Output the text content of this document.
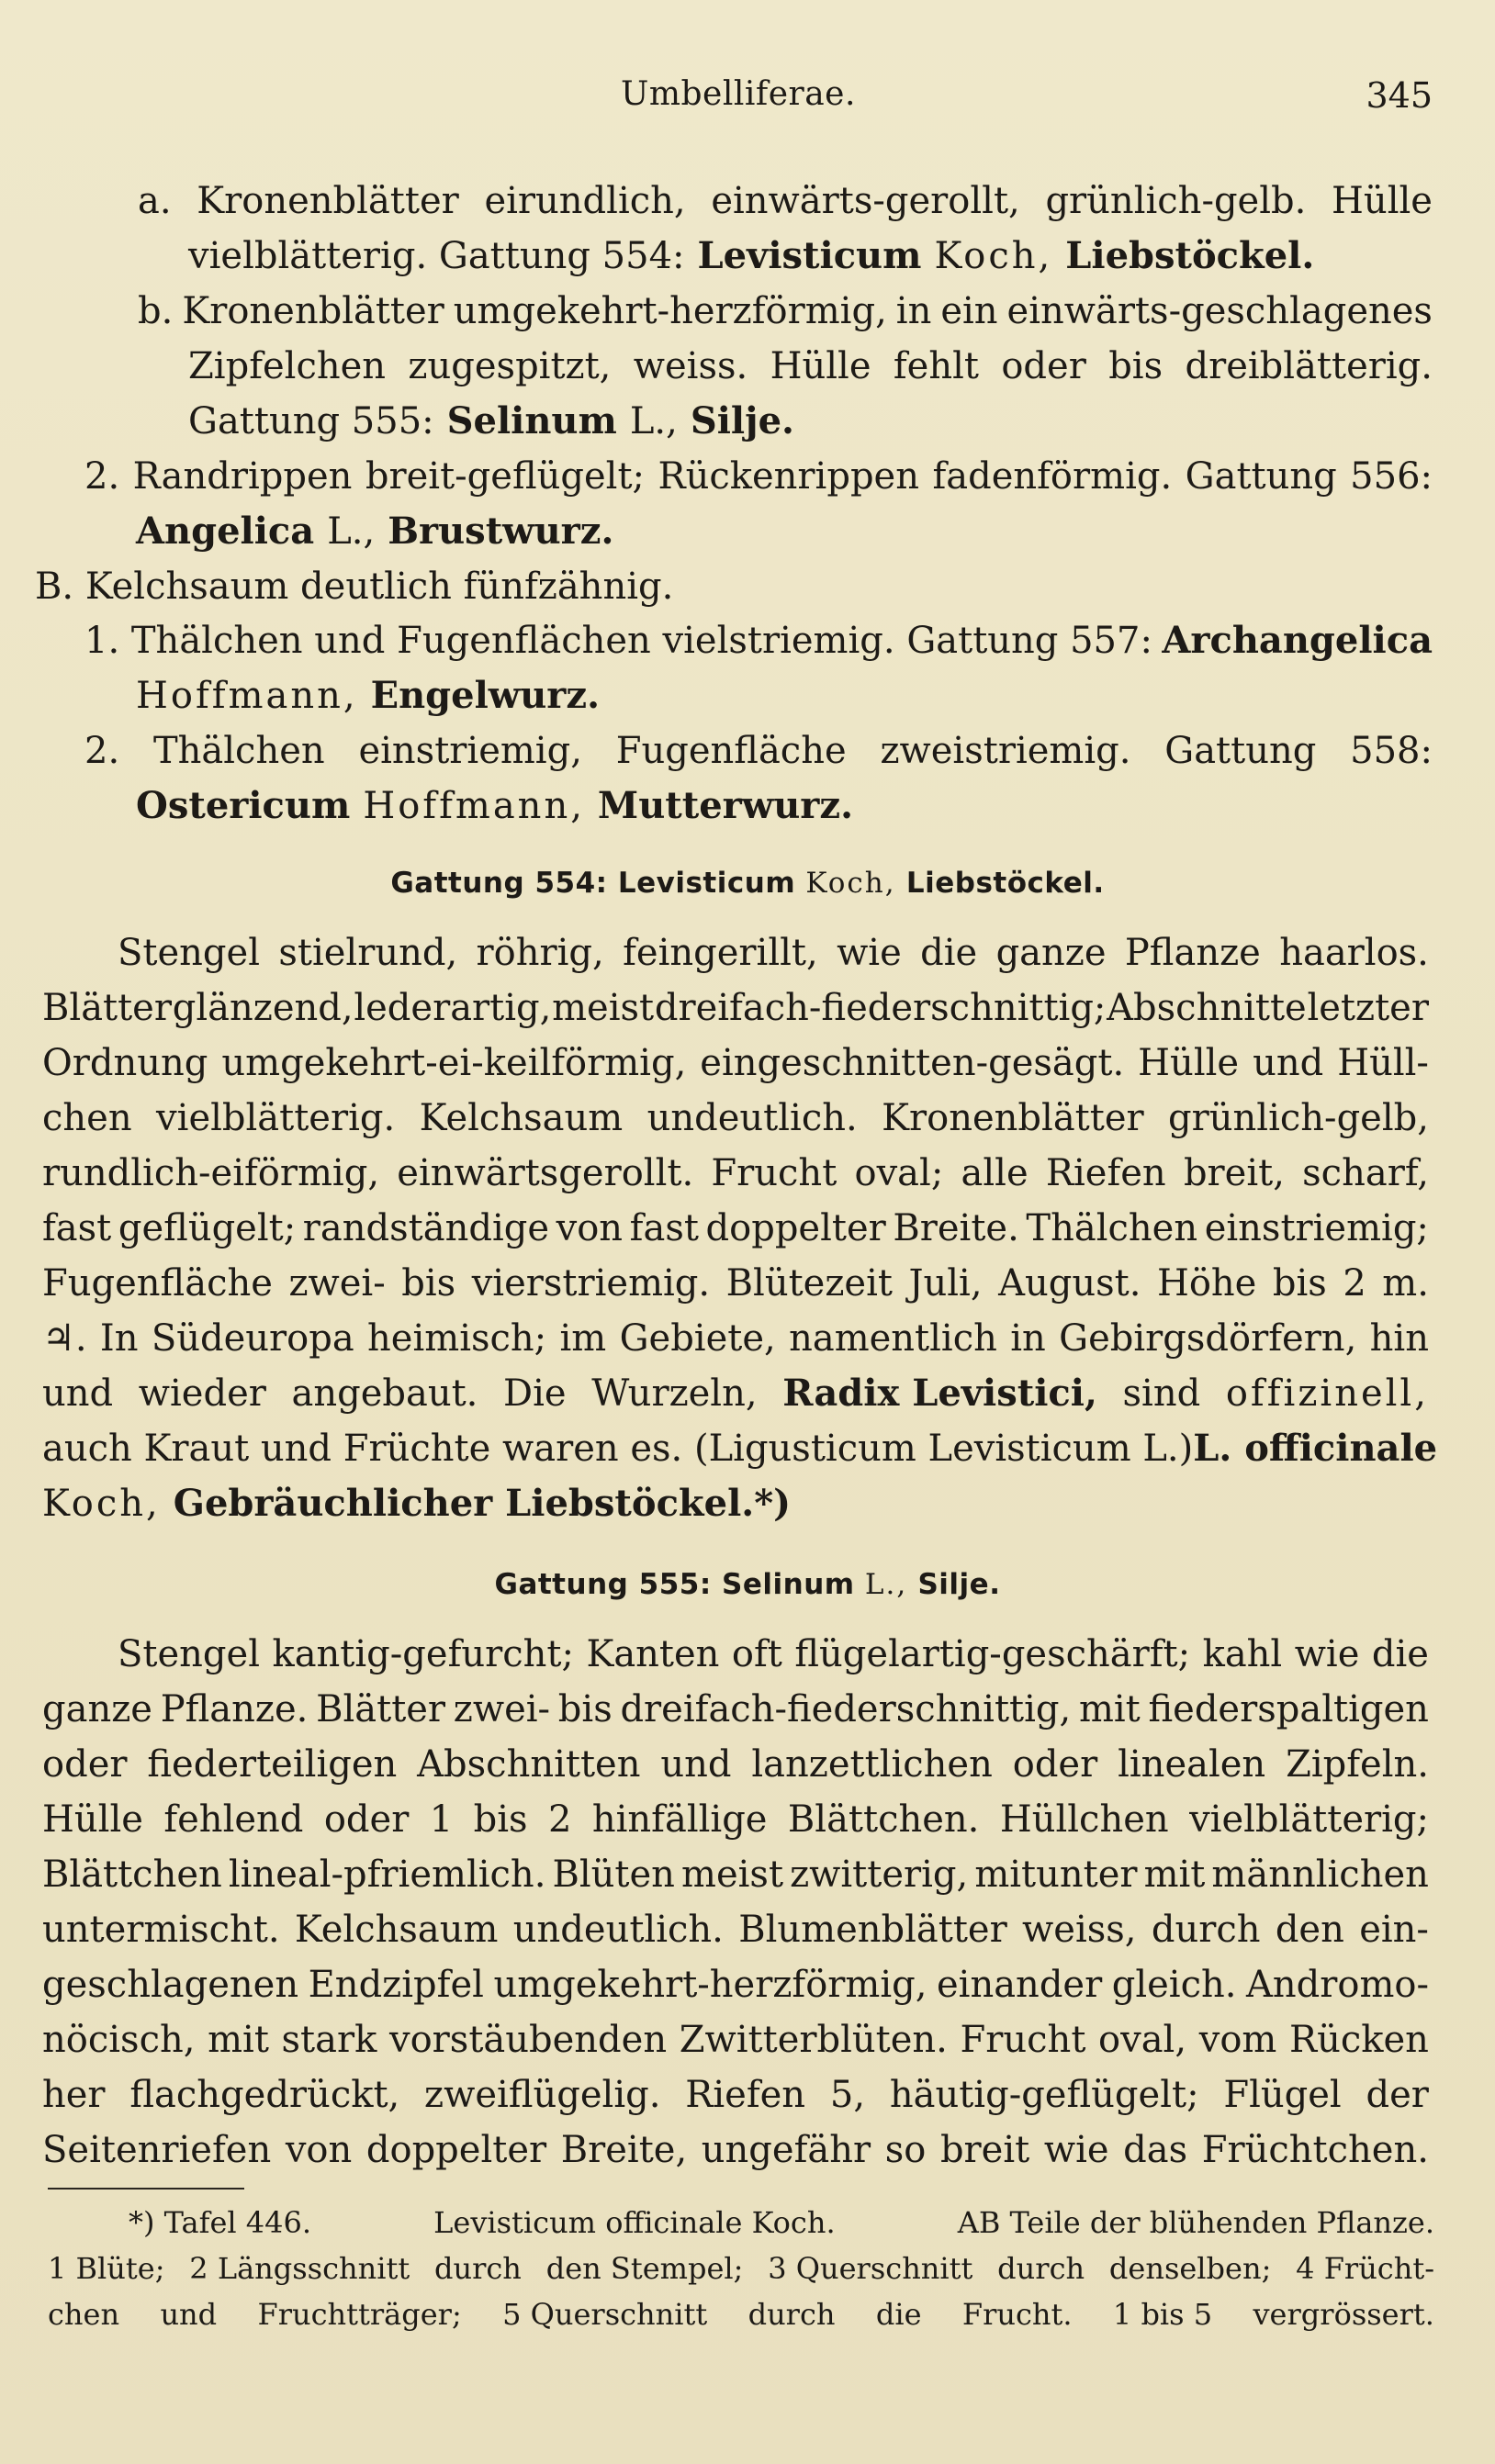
Umbelliferae.	345
a. Kronenblätter eirundlich, einwärts-gerollt, grünlich-gelb. Hülle
vielblätterig. Gattung 554: Levisticum Koch, Liebstöckel.
b. Kronenblätter umgekehrt-herzförmig, in ein einwärts-geschlagenes
Zipfelchen zugespitzt, weiss. Hülle fehlt oder bis dreiblätterig.
Gattung 555: Selinum L., Silje.
2. Randrippen breit-geflügelt; Rückenrippen fadenförmig. Gattung 556:
Angelica L., Brustwurz.
B. Kelchsaum deutlich fünfzähnig.
1. Thälchen und Fugenflächen vielstriemig. Gattung 557: Archangelica
Hoffmann, Engelwurz.
2. Thälchen einstriemig, Fugenfläche zweistriemig. Gattung 558:
Ostericum Hoffmann, Mutterwurz.
Gattung 554: Levisticum Koch, Liebstöckel.
Stengel stielrund, röhrig, feingerillt, wie die ganze Pflanze haarlos.
Blätter glänzend, lederartig, meist dreifach-fiederschnittig; Abschnitte letzter
Ordnung umgekehrt-ei-keilförmig, eingeschnitten-gesägt. Hülle und Hüll-
chen vielblätterig. Kelchsaum undeutlich. Kronenblätter grünlich-gelb,
rundlich-eiförmig, einwärtsgerollt. Frucht oval; alle Riefen breit, scharf,
fast geflügelt; randständige von fast doppelter Breite. Thälchen einstriemig;
Fugenfläche zwei- bis vierstriemig. Blütezeit Juli, August. Höhe bis 2 m.
♃. In Südeuropa heimisch; im Gebiete, namentlich in Gebirgsdörfern, hin
und wieder angebaut. Die Wurzeln, Radix Levistici, sind offizinell,
auch Kraut und Früchte waren es. (Ligusticum Levisticum L.) L. officinale
Koch, Gebräuchlicher Liebstöckel.*)
Gattung 555: Selinum L., Silje.
Stengel kantig-gefurcht; Kanten oft flügelartig-geschärft; kahl wie die
ganze Pflanze. Blätter zwei- bis dreifach-fiederschnittig, mit fiederspaltigen
oder fiederteiligen Abschnitten und lanzettlichen oder linealen Zipfeln.
Hülle fehlend oder 1 bis 2 hinfällige Blättchen. Hüllchen vielblätterig;
Blättchen lineal-pfriemlich. Blüten meist zwitterig, mitunter mit männlichen
untermischt. Kelchsaum undeutlich. Blumenblätter weiss, durch den ein-
geschlagenen Endzipfel umgekehrt-herzförmig, einander gleich. Andromo-
nöcisch, mit stark vorstäubenden Zwitterblüten. Frucht oval, vom Rücken
her flachgedrückt, zweiflügelig. Riefen 5, häutig-geflügelt; Flügel der
Seitenriefen von doppelter Breite, ungefähr so breit wie das Früchtchen.
*) Tafel 446.	Levisticum officinale Koch.	AB Teile der blühenden Pflanze.
1 Blüte; 2 Längsschnitt durch den Stempel; 3 Querschnitt durch denselben; 4 Frücht-
chen und Fruchtträger; 5 Querschnitt durch die Frucht. 1 bis 5 vergrössert.
